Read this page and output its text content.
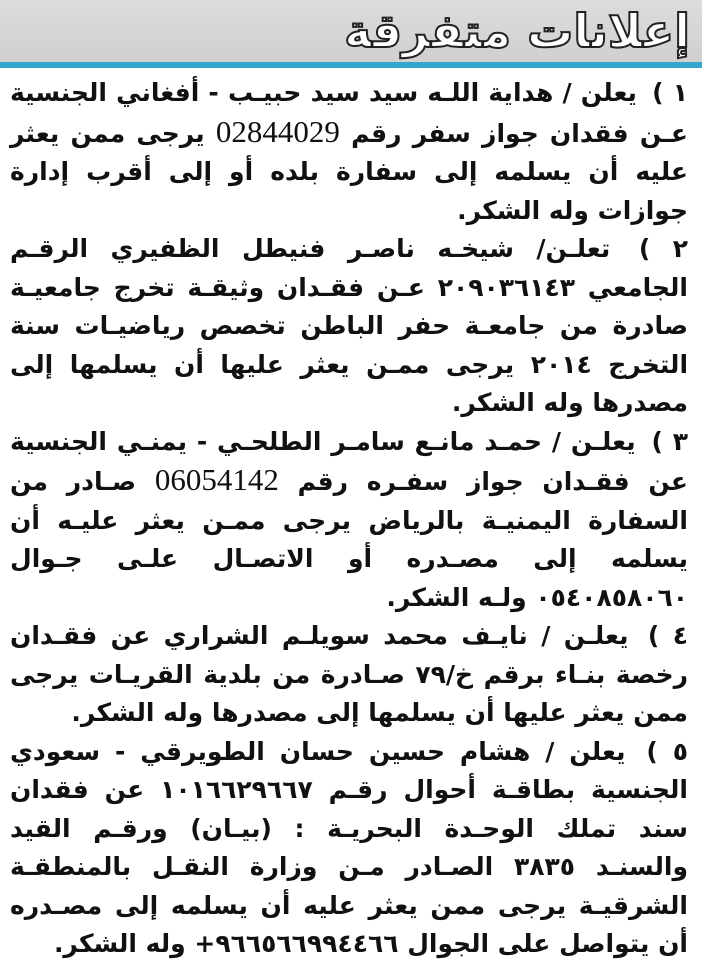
إعلانات متفرقة

١ ) يعلن / هداية اللـه سيد سيد حبيـب - أفغاني الجنسية عـن فقدان جواز سفر رقم 02844029 يرجى ممن يعثر عليه أن يسلمه إلى سفارة بلده أو إلى أقرب إدارة جوازات وله الشكر.

٢ ) تعلـن/ شيخـه ناصـر فنيطل الظفيري الرقـم الجامعي ٢٠٩٠٣٦١٤٣ عـن فقـدان وثيقـة تخرج جامعيـة صادرة من جامعـة حفر الباطن تخصص رياضيـات سنة التخرج ٢٠١٤ يرجى ممـن يعثر عليها أن يسلمها إلى مصدرها وله الشكر.

٣ ) يعلـن / حمـد مانـع سامـر الطلحـي - يمنـي الجنسية عن فقـدان جواز سفـره رقم 06054142 صـادر من السفارة اليمنيـة بالرياض يرجى ممـن يعثر عليـه أن يسلمه إلى مصـدره أو الاتصـال علـى جـوال ٠٥٤٠٨٥٨٠٦٠ ولـه الشكر.

٤ ) يعلـن / نايـف محمد سويلـم الشراري عن فقـدان رخصة بنـاء برقم خ/٧٩ صـادرة من بلدية القريـات يرجى ممن يعثر عليها أن يسلمها إلى مصدرها وله الشكر.

٥ ) يعلن / هشام حسين حسان الطويرقي - سعودي الجنسية بطاقـة أحوال رقـم ١٠١٦٦٢٩٦٦٧ عن فقدان سند تملك الوحـدة البحريـة : (بيـان) ورقـم القيد والسنـد ٣٨٣٥ الصـادر مـن وزارة النقـل بالمنطقـة الشرقيـة يرجى ممن يعثر عليه أن يسلمه إلى مصـدره أن يتواصل على الجوال ٩٦٦٥٦٦٩٩٤٤٦٦+ وله الشكر.
